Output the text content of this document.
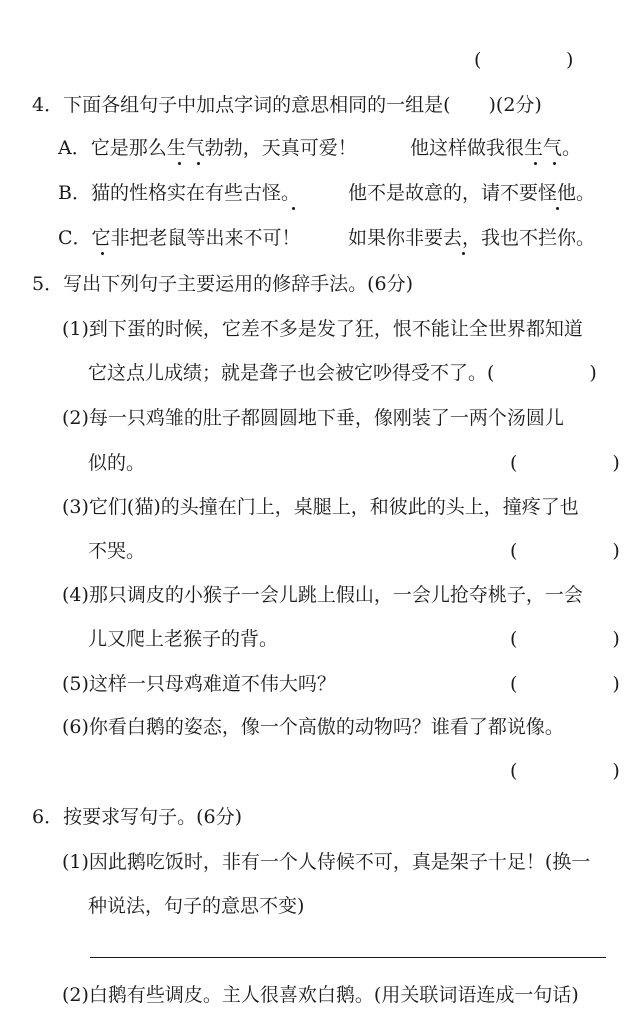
(              )
4．下面各组句子中加点字词的意思相同的一组是(　　)(2分)
A．它是那么生气勃勃，天真可爱！	他这样做我很生气。
B．猫的性格实在有些古怪。	他不是故意的，请不要怪他。
C．它非把老鼠等出来不可！ 如果你非要去，我也不拦你。
5．写出下列句子主要运用的修辞手法。(6分)
(1)到下蛋的时候，它差不多是发了狂，恨不能让全世界都知道
它这点儿成绩；就是聋子也会被它吵得受不了。(　　　　　)
(2)每一只鸡雏的肚子都圆圆地下垂，像刚装了一两个汤圆儿
似的。	(　　　　　)
(3)它们(猫)的头撞在门上，桌腿上，和彼此的头上，撞疼了也
不哭。	(　　　　　)
(4)那只调皮的小猴子一会儿跳上假山，一会儿抢夺桃子，一会
儿又爬上老猴子的背。	(　　　　　)
(5)这样一只母鸡难道不伟大吗？	(　　　　　)
(6)你看白鹅的姿态，像一个高傲的动物吗？谁看了都说像。
(　　　　　)
6．按要求写句子。(6分)
(1)因此鹅吃饭时，非有一个人侍候不可，真是架子十足！(换一
种说法，句子的意思不变)
(2)白鹅有些调皮。主人很喜欢白鹅。(用关联词语连成一句话)
